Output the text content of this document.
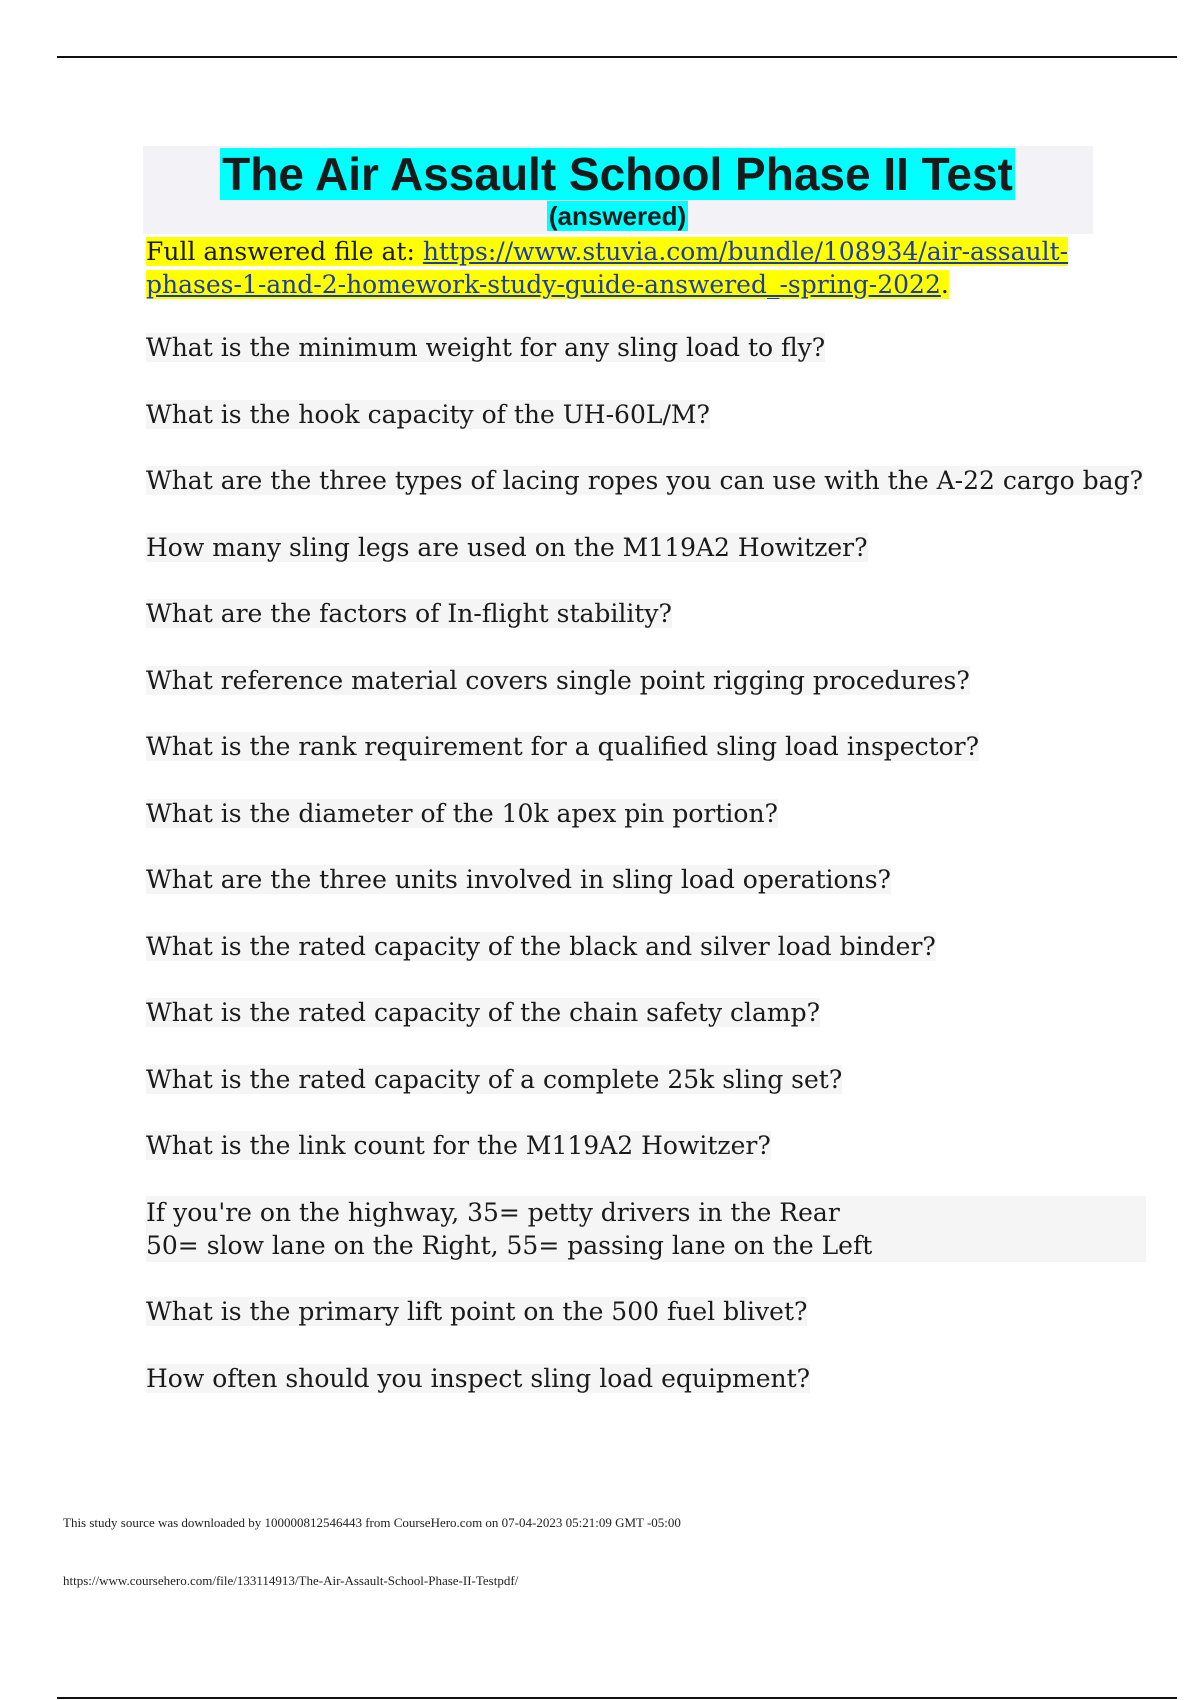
The Air Assault School Phase II Test
(answered)
Full answered file at: https://www.stuvia.com/bundle/108934/air-assault-phases-1-and-2-homework-study-guide-answered_-spring-2022.
What is the minimum weight for any sling load to fly?
What is the hook capacity of the UH-60L/M?
What are the three types of lacing ropes you can use with the A-22 cargo bag?
How many sling legs are used on the M119A2 Howitzer?
What are the factors of In-flight stability?
What reference material covers single point rigging procedures?
What is the rank requirement for a qualified sling load inspector?
What is the diameter of the 10k apex pin portion?
What are the three units involved in sling load operations?
What is the rated capacity of the black and silver load binder?
What is the rated capacity of the chain safety clamp?
What is the rated capacity of a complete 25k sling set?
What is the link count for the M119A2 Howitzer?
If you're on the highway, 35= petty drivers in the Rear
50= slow lane on the Right, 55= passing lane on the Left
What is the primary lift point on the 500 fuel blivet?
How often should you inspect sling load equipment?
This study source was downloaded by 100000812546443 from CourseHero.com on 07-04-2023 05:21:09 GMT -05:00
https://www.coursehero.com/file/133114913/The-Air-Assault-School-Phase-II-Testpdf/
